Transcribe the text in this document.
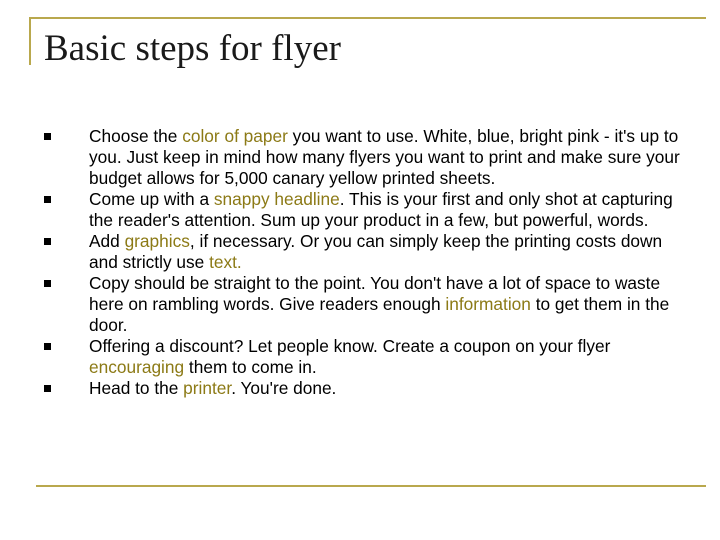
Basic steps for flyer
Choose the color of paper you want to use. White, blue, bright pink - it's up to you. Just keep in mind how many flyers you want to print and make sure your budget allows for 5,000 canary yellow printed sheets.
Come up with a snappy headline. This is your first and only shot at capturing the reader's attention. Sum up your product in a few, but powerful, words.
Add graphics, if necessary. Or you can simply keep the printing costs down and strictly use text.
Copy should be straight to the point. You don't have a lot of space to waste here on rambling words. Give readers enough information to get them in the door.
Offering a discount? Let people know. Create a coupon on your flyer encouraging them to come in.
Head to the printer. You're done.
